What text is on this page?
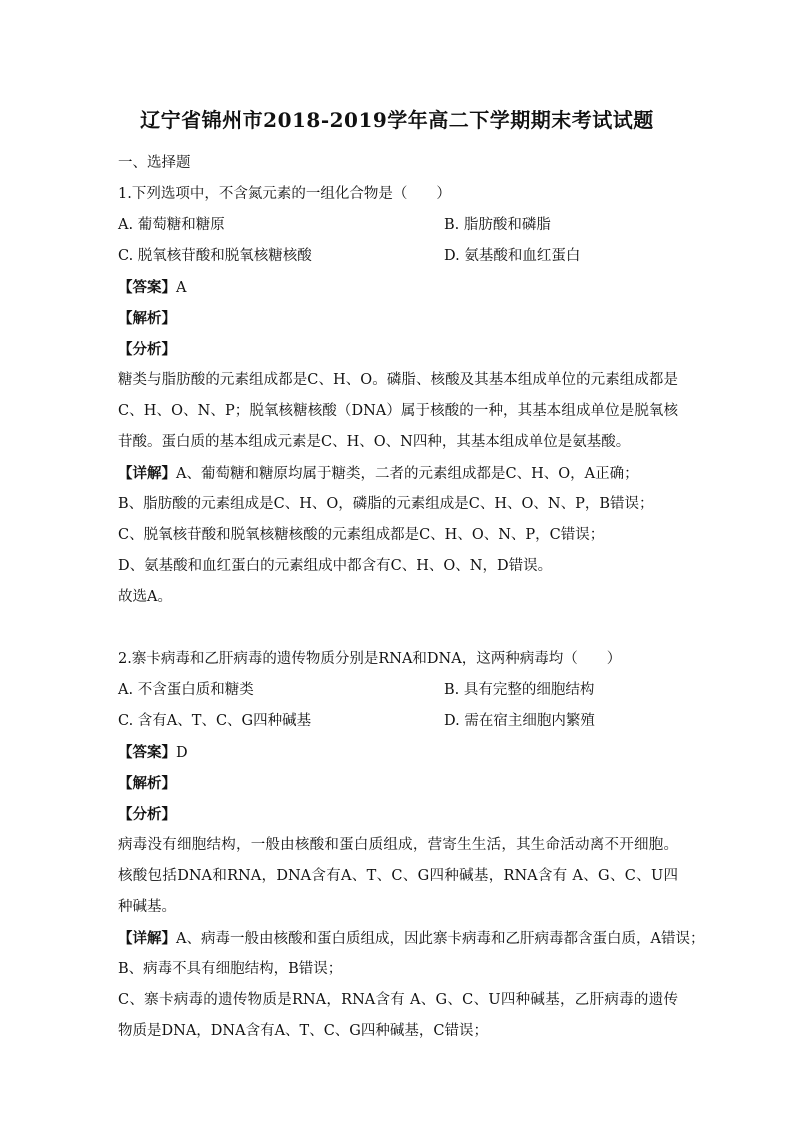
辽宁省锦州市2018-2019学年高二下学期期末考试试题
一、选择题
1.下列选项中，不含氮元素的一组化合物是（　　）
A. 葡萄糖和糖原	B. 脂肪酸和磷脂
C. 脱氧核苷酸和脱氧核糖核酸	D. 氨基酸和血红蛋白
【答案】A
【解析】
【分析】
糖类与脂肪酸的元素组成都是C、H、O。磷脂、核酸及其基本组成单位的元素组成都是C、H、O、N、P；脱氧核糖核酸（DNA）属于核酸的一种，其基本组成单位是脱氧核苷酸。蛋白质的基本组成元素是C、H、O、N四种，其基本组成单位是氨基酸。
【详解】A、葡萄糖和糖原均属于糖类，二者的元素组成都是C、H、O，A正确；
B、脂肪酸的元素组成是C、H、O，磷脂的元素组成是C、H、O、N、P，B错误；
C、脱氧核苷酸和脱氧核糖核酸的元素组成都是C、H、O、N、P，C错误；
D、氨基酸和血红蛋白的元素组成中都含有C、H、O、N，D错误。
故选A。
2.寨卡病毒和乙肝病毒的遗传物质分别是RNA和DNA，这两种病毒均（　　）
A. 不含蛋白质和糖类	B. 具有完整的细胞结构
C. 含有A、T、C、G四种碱基	D. 需在宿主细胞内繁殖
【答案】D
【解析】
【分析】
病毒没有细胞结构，一般由核酸和蛋白质组成，营寄生生活，其生命活动离不开细胞。核酸包括DNA和RNA，DNA含有A、T、C、G四种碱基，RNA含有 A、G、C、U四种碱基。
【详解】A、病毒一般由核酸和蛋白质组成，因此寨卡病毒和乙肝病毒都含蛋白质，A错误；
B、病毒不具有细胞结构，B错误；
C、寨卡病毒的遗传物质是RNA，RNA含有 A、G、C、U四种碱基，乙肝病毒的遗传物质是DNA，DNA含有A、T、C、G四种碱基，C错误；
